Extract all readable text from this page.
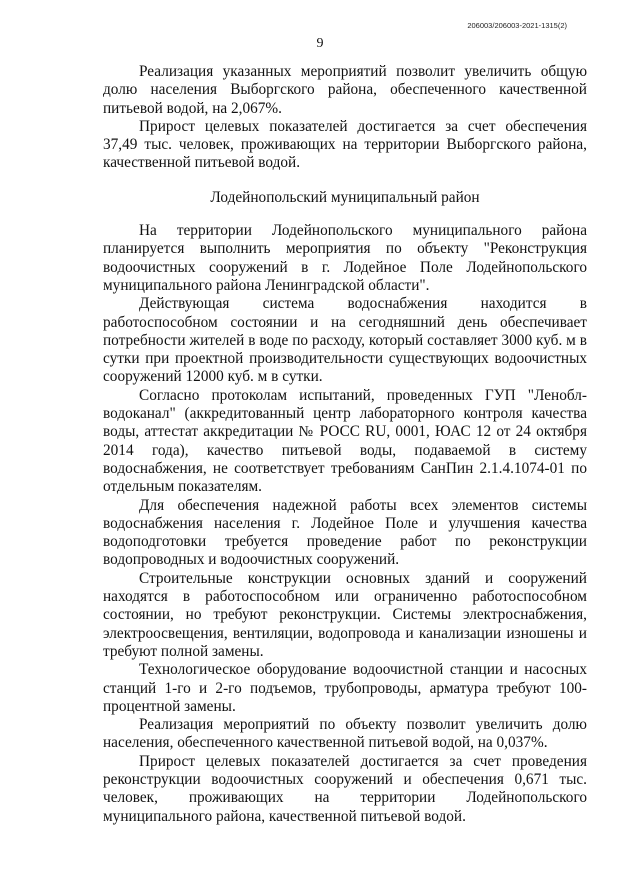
206003/206003-2021-1315(2)
9

Реализация указанных мероприятий позволит увеличить общую долю населения Выборгского района, обеспеченного качественной питьевой водой, на 2,067%.

Прирост целевых показателей достигается за счет обеспечения 37,49 тыс. человек, проживающих на территории Выборгского района, качественной питьевой водой.

Лодейнопольский муниципальный район

На территории Лодейнопольского муниципального района планируется выполнить мероприятия по объекту "Реконструкция водоочистных сооружений в г. Лодейное Поле Лодейнопольского муниципального района Ленинградской области".

Действующая система водоснабжения находится в работоспособном состоянии и на сегодняшний день обеспечивает потребности жителей в воде по расходу, который составляет 3000 куб. м в сутки при проектной производительности существующих водоочистных сооружений 12000 куб. м в сутки.

Согласно протоколам испытаний, проведенных ГУП "Ленобл-водоканал" (аккредитованный центр лабораторного контроля качества воды, аттестат аккредитации № РОСС RU, 0001, ЮАС 12 от 24 октября 2014 года), качество питьевой воды, подаваемой в систему водоснабжения, не соответствует требованиям СанПин 2.1.4.1074-01 по отдельным показателям.

Для обеспечения надежной работы всех элементов системы водоснабжения населения г. Лодейное Поле и улучшения качества водоподготовки требуется проведение работ по реконструкции водопроводных и водоочистных сооружений.

Строительные конструкции основных зданий и сооружений находятся в работоспособном или ограниченно работоспособном состоянии, но требуют реконструкции. Системы электроснабжения, электроосвещения, вентиляции, водопровода и канализации изношены и требуют полной замены.

Технологическое оборудование водоочистной станции и насосных станций 1-го и 2-го подъемов, трубопроводы, арматура требуют 100-процентной замены.

Реализация мероприятий по объекту позволит увеличить долю населения, обеспеченного качественной питьевой водой, на 0,037%.

Прирост целевых показателей достигается за счет проведения реконструкции водоочистных сооружений и обеспечения 0,671 тыс. человек, проживающих на территории Лодейнопольского муниципального района, качественной питьевой водой.
